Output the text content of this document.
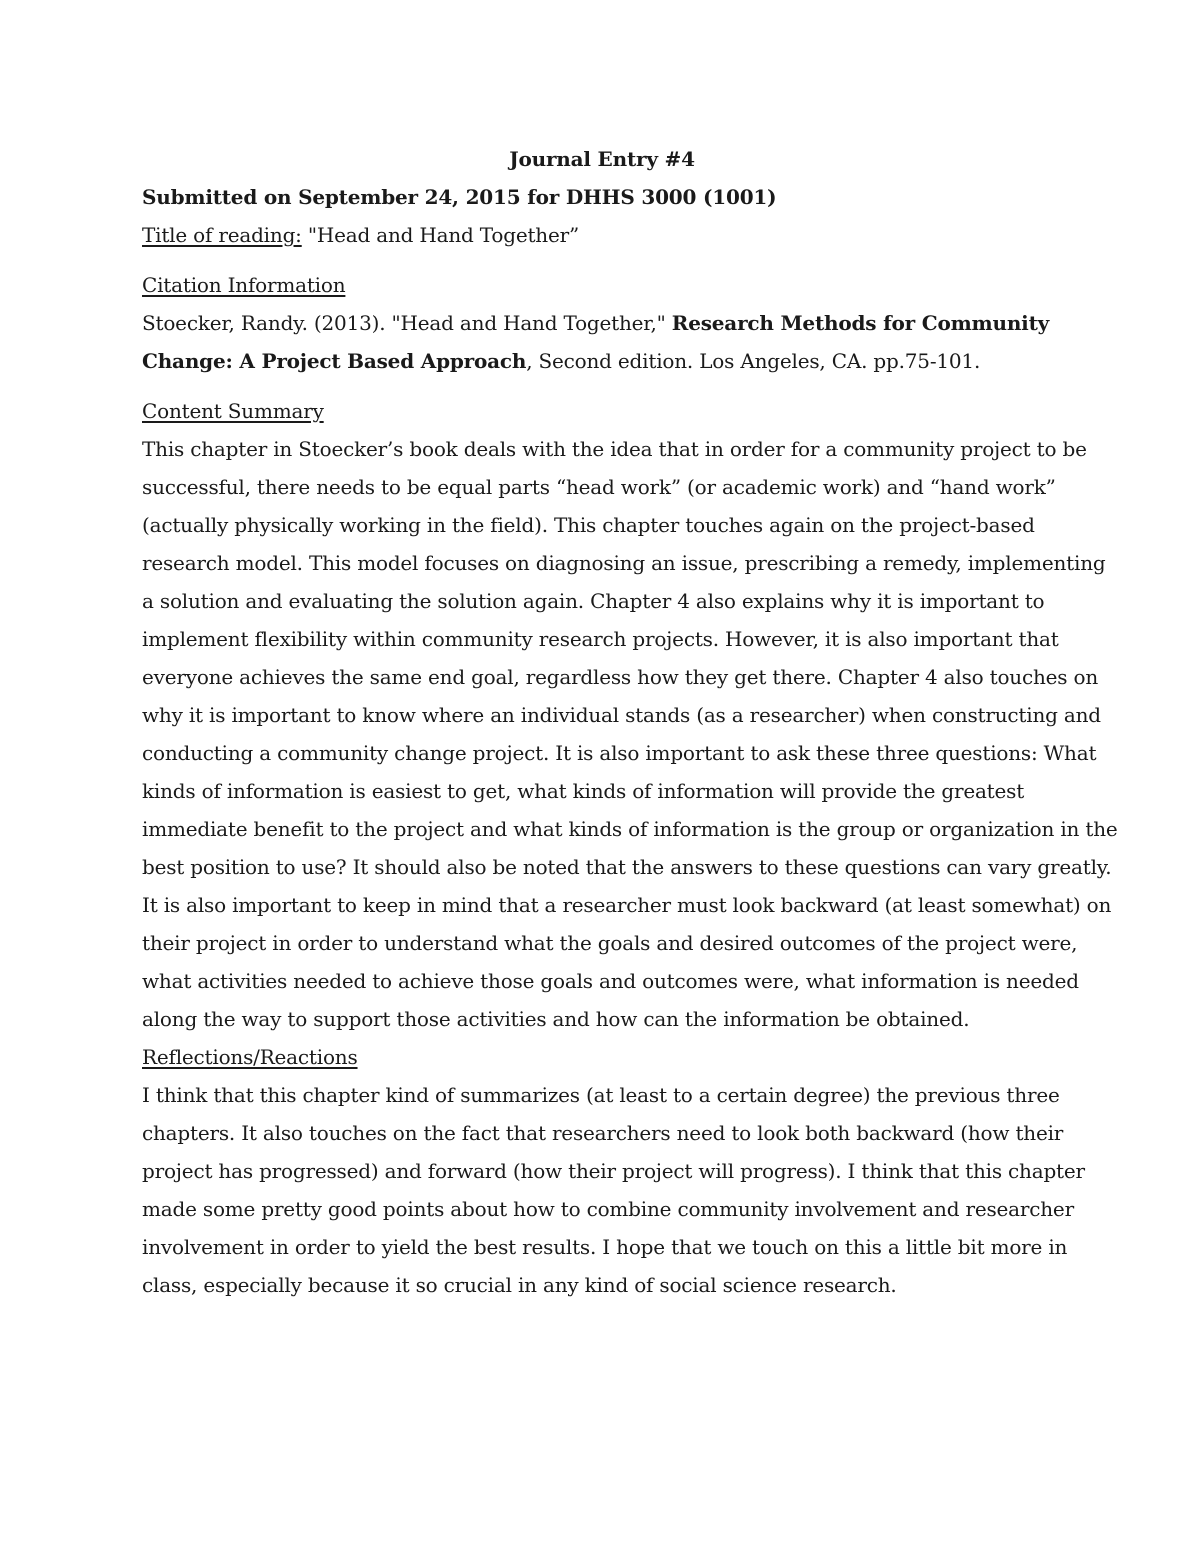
Journal Entry #4

Submitted on September 24, 2015 for DHHS 3000 (1001)

Title of reading: "Head and Hand Together”

Citation Information

Stoecker, Randy. (2013). "Head and Hand Together," Research Methods for Community

Change: A Project Based Approach, Second edition. Los Angeles, CA. pp.75-101.

Content Summary

This chapter in Stoecker’s book deals with the idea that in order for a community project to be

successful, there needs to be equal parts “head work” (or academic work) and “hand work”

(actually physically working in the field). This chapter touches again on the project-based

research model. This model focuses on diagnosing an issue, prescribing a remedy, implementing

a solution and evaluating the solution again. Chapter 4 also explains why it is important to

implement flexibility within community research projects. However, it is also important that

everyone achieves the same end goal, regardless how they get there. Chapter 4 also touches on

why it is important to know where an individual stands (as a researcher) when constructing and

conducting a community change project. It is also important to ask these three questions: What

kinds of information is easiest to get, what kinds of information will provide the greatest

immediate benefit to the project and what kinds of information is the group or organization in the

best position to use? It should also be noted that the answers to these questions can vary greatly.

It is also important to keep in mind that a researcher must look backward (at least somewhat) on

their project in order to understand what the goals and desired outcomes of the project were,

what activities needed to achieve those goals and outcomes were, what information is needed

along the way to support those activities and how can the information be obtained.

Reflections/Reactions

I think that this chapter kind of summarizes (at least to a certain degree) the previous three

chapters. It also touches on the fact that researchers need to look both backward (how their

project has progressed) and forward (how their project will progress). I think that this chapter

made some pretty good points about how to combine community involvement and researcher

involvement in order to yield the best results. I hope that we touch on this a little bit more in

class, especially because it so crucial in any kind of social science research.
